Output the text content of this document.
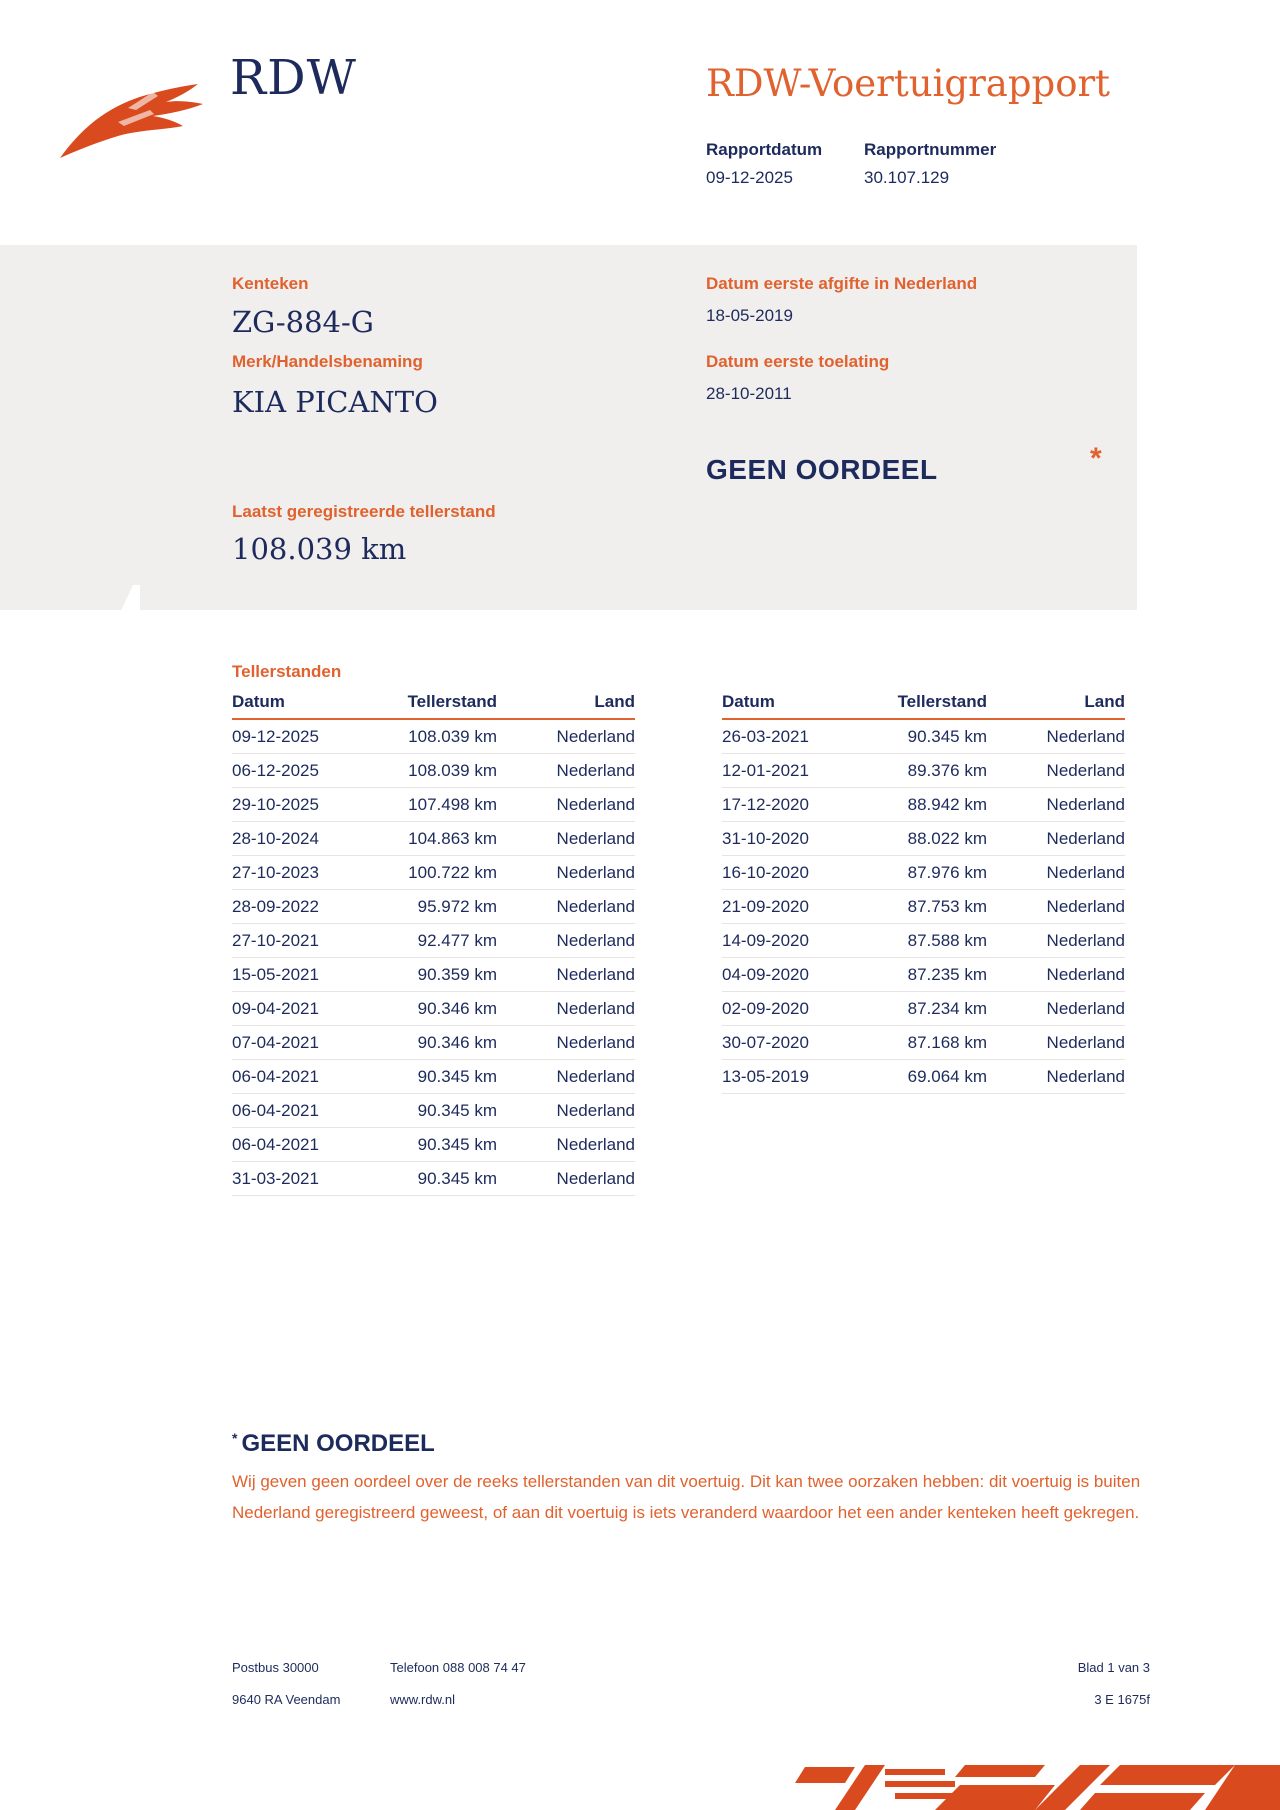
RDW	RDW-Voertuigrapport
Rapportdatum
09-12-2025
Rapportnummer
30.107.129
Kenteken
ZG-884-G
Merk/Handelsbenaming
KIA PICANTO
Datum eerste afgifte in Nederland
18-05-2019
Datum eerste toelating
28-10-2011
GEEN OORDEEL	*
Laatst geregistreerde tellerstand
108.039 km
Tellerstanden
Datum	Tellerstand	Land
09-12-2025	108.039 km	Nederland
06-12-2025	108.039 km	Nederland
29-10-2025	107.498 km	Nederland
28-10-2024	104.863 km	Nederland
27-10-2023	100.722 km	Nederland
28-09-2022	95.972 km	Nederland
27-10-2021	92.477 km	Nederland
15-05-2021	90.359 km	Nederland
09-04-2021	90.346 km	Nederland
07-04-2021	90.346 km	Nederland
06-04-2021	90.345 km	Nederland
06-04-2021	90.345 km	Nederland
06-04-2021	90.345 km	Nederland
31-03-2021	90.345 km	Nederland
Datum	Tellerstand	Land
26-03-2021	90.345 km	Nederland
12-01-2021	89.376 km	Nederland
17-12-2020	88.942 km	Nederland
31-10-2020	88.022 km	Nederland
16-10-2020	87.976 km	Nederland
21-09-2020	87.753 km	Nederland
14-09-2020	87.588 km	Nederland
04-09-2020	87.235 km	Nederland
02-09-2020	87.234 km	Nederland
30-07-2020	87.168 km	Nederland
13-05-2019	69.064 km	Nederland
* GEEN OORDEEL
Wij geven geen oordeel over de reeks tellerstanden van dit voertuig. Dit kan twee oorzaken hebben: dit voertuig is buiten Nederland geregistreerd geweest, of aan dit voertuig is iets veranderd waardoor het een ander kenteken heeft gekregen.
Postbus 30000
9640 RA Veendam
Telefoon 088 008 74 47
www.rdw.nl
Blad 1 van 3
3 E 1675f
